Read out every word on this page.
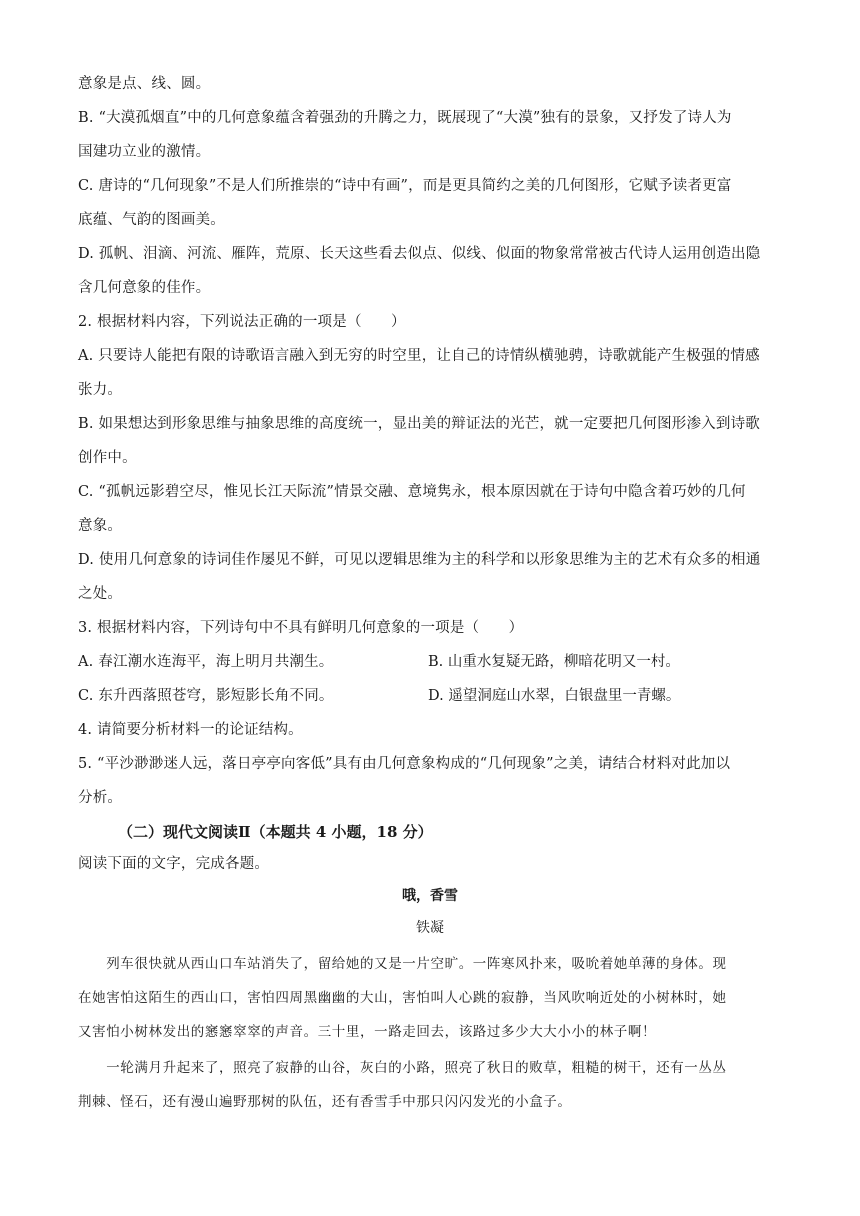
意象是点、线、圆。
B. “大漠孤烟直”中的几何意象蕴含着强劲的升腾之力，既展现了“大漠”独有的景象，又抒发了诗人为
国建功立业的激情。
C. 唐诗的“几何现象”不是人们所推崇的“诗中有画”，而是更具简约之美的几何图形，它赋予读者更富
底蕴、气韵的图画美。
D. 孤帆、泪滴、河流、雁阵，荒原、长天这些看去似点、似线、似面的物象常常被古代诗人运用创造出隐
含几何意象的佳作。
2. 根据材料内容，下列说法正确的一项是（　　）
A. 只要诗人能把有限的诗歌语言融入到无穷的时空里，让自己的诗情纵横驰骋，诗歌就能产生极强的情感
张力。
B. 如果想达到形象思维与抽象思维的高度统一，显出美的辩证法的光芒，就一定要把几何图形渗入到诗歌
创作中。
C. “孤帆远影碧空尽，惟见长江天际流”情景交融、意境隽永，根本原因就在于诗句中隐含着巧妙的几何
意象。
D. 使用几何意象的诗词佳作屡见不鲜，可见以逻辑思维为主的科学和以形象思维为主的艺术有众多的相通
之处。
3. 根据材料内容，下列诗句中不具有鲜明几何意象的一项是（　　）
A. 春江潮水连海平，海上明月共潮生。	B. 山重水复疑无路，柳暗花明又一村。
C. 东升西落照苍穹，影短影长角不同。	D. 遥望洞庭山水翠，白银盘里一青螺。
4. 请简要分析材料一的论证结构。
5. “平沙渺渺迷人远，落日亭亭向客低”具有由几何意象构成的“几何现象”之美，请结合材料对此加以
分析。
（二）现代文阅读Ⅱ（本题共 4 小题，18 分）
阅读下面的文字，完成各题。
哦，香雪
铁凝
　　列车很快就从西山口车站消失了，留给她的又是一片空旷。一阵寒风扑来，吸吮着她单薄的身体。现
在她害怕这陌生的西山口，害怕四周黑幽幽的大山，害怕叫人心跳的寂静，当风吹响近处的小树林时，她
又害怕小树林发出的窸窸窣窣的声音。三十里，一路走回去，该路过多少大大小小的林子啊！
　　一轮满月升起来了，照亮了寂静的山谷，灰白的小路，照亮了秋日的败草，粗糙的树干，还有一丛丛
荆棘、怪石，还有漫山遍野那树的队伍，还有香雪手中那只闪闪发光的小盒子。
